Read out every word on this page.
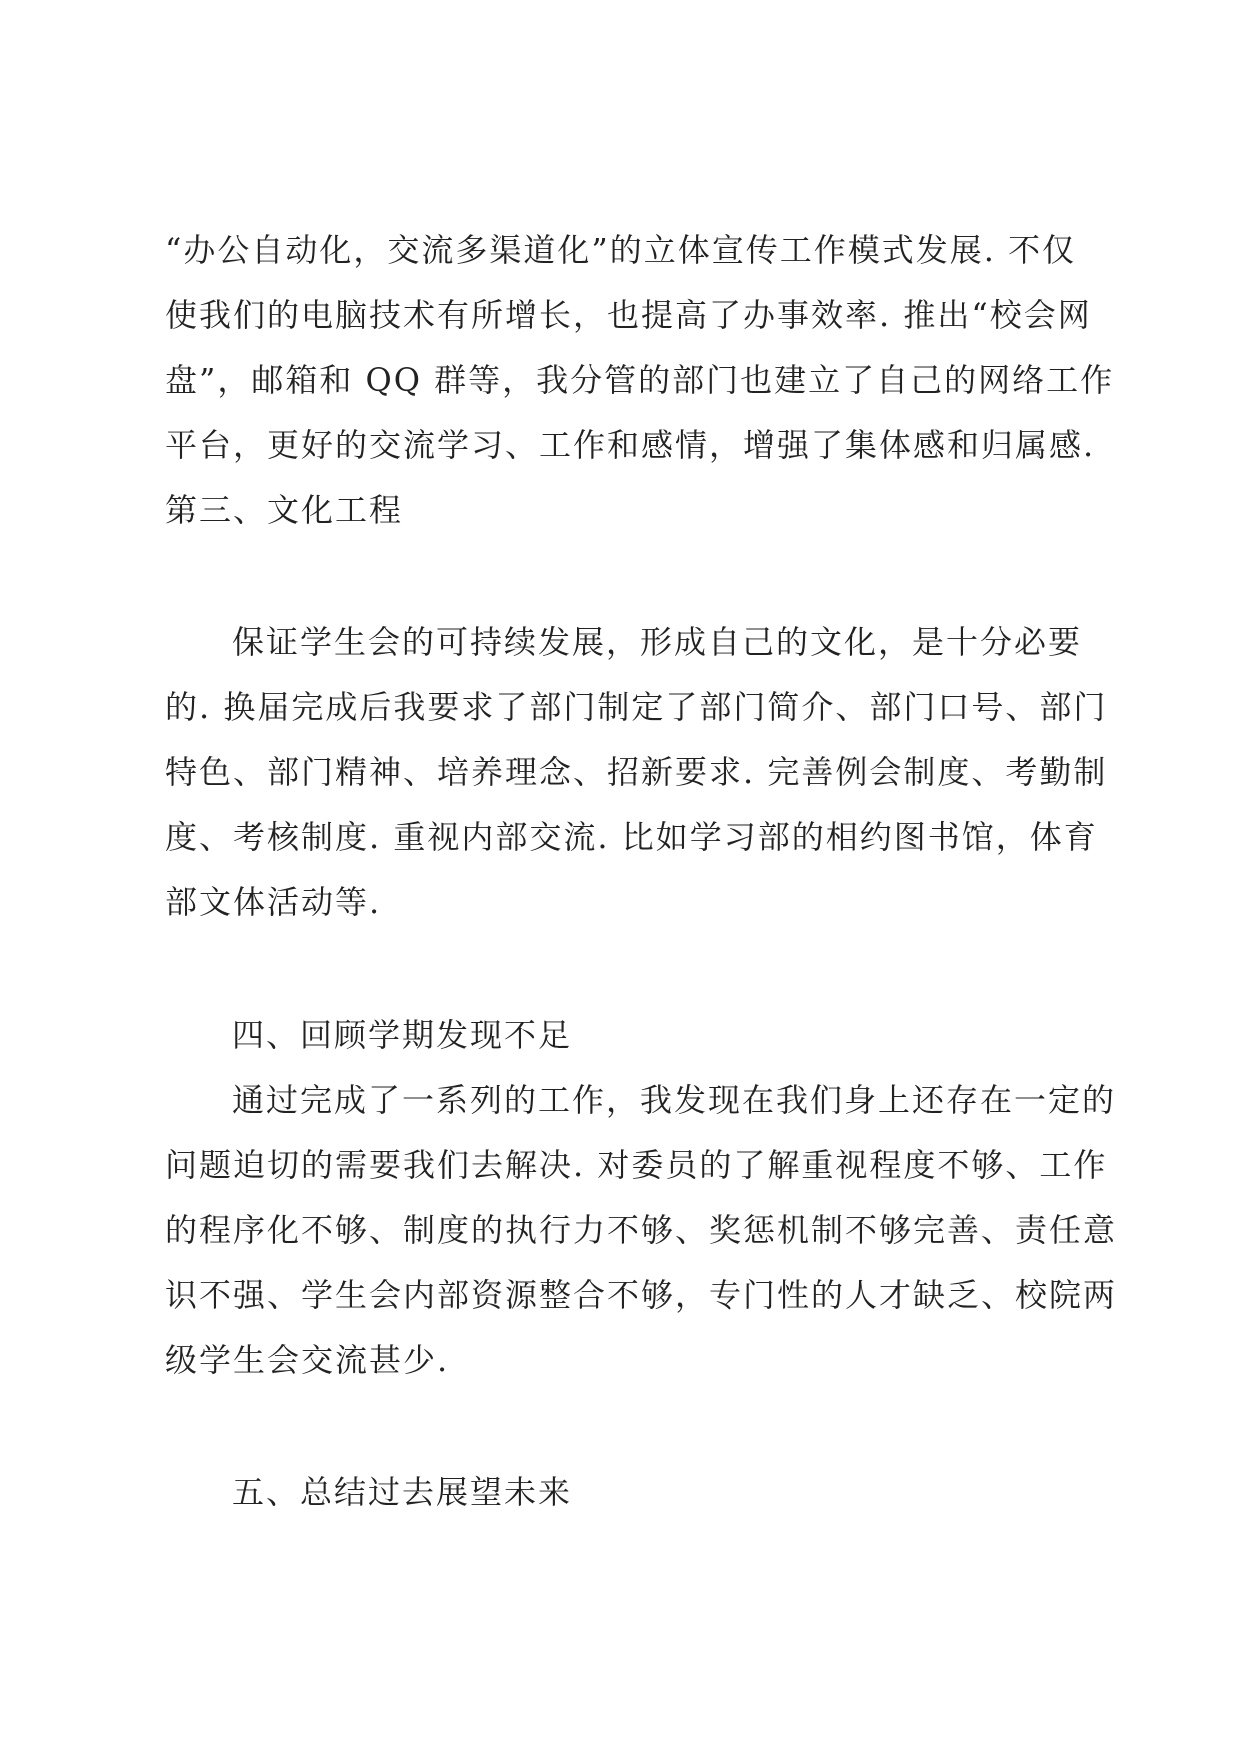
“办公自动化，交流多渠道化”的立体宣传工作模式发展. 不仅
使我们的电脑技术有所增长，也提高了办事效率. 推出“校会网
盘”，邮箱和 QQ 群等，我分管的部门也建立了自己的网络工作
平台，更好的交流学习、工作和感情，增强了集体感和归属感.
第三、文化工程
保证学生会的可持续发展，形成自己的文化，是十分必要
的. 换届完成后我要求了部门制定了部门简介、部门口号、部门
特色、部门精神、培养理念、招新要求. 完善例会制度、考勤制
度、考核制度. 重视内部交流. 比如学习部的相约图书馆，体育
部文体活动等.
四、回顾学期发现不足
通过完成了一系列的工作，我发现在我们身上还存在一定的
问题迫切的需要我们去解决. 对委员的了解重视程度不够、工作
的程序化不够、制度的执行力不够、奖惩机制不够完善、责任意
识不强、学生会内部资源整合不够，专门性的人才缺乏、校院两
级学生会交流甚少.
五、总结过去展望未来
